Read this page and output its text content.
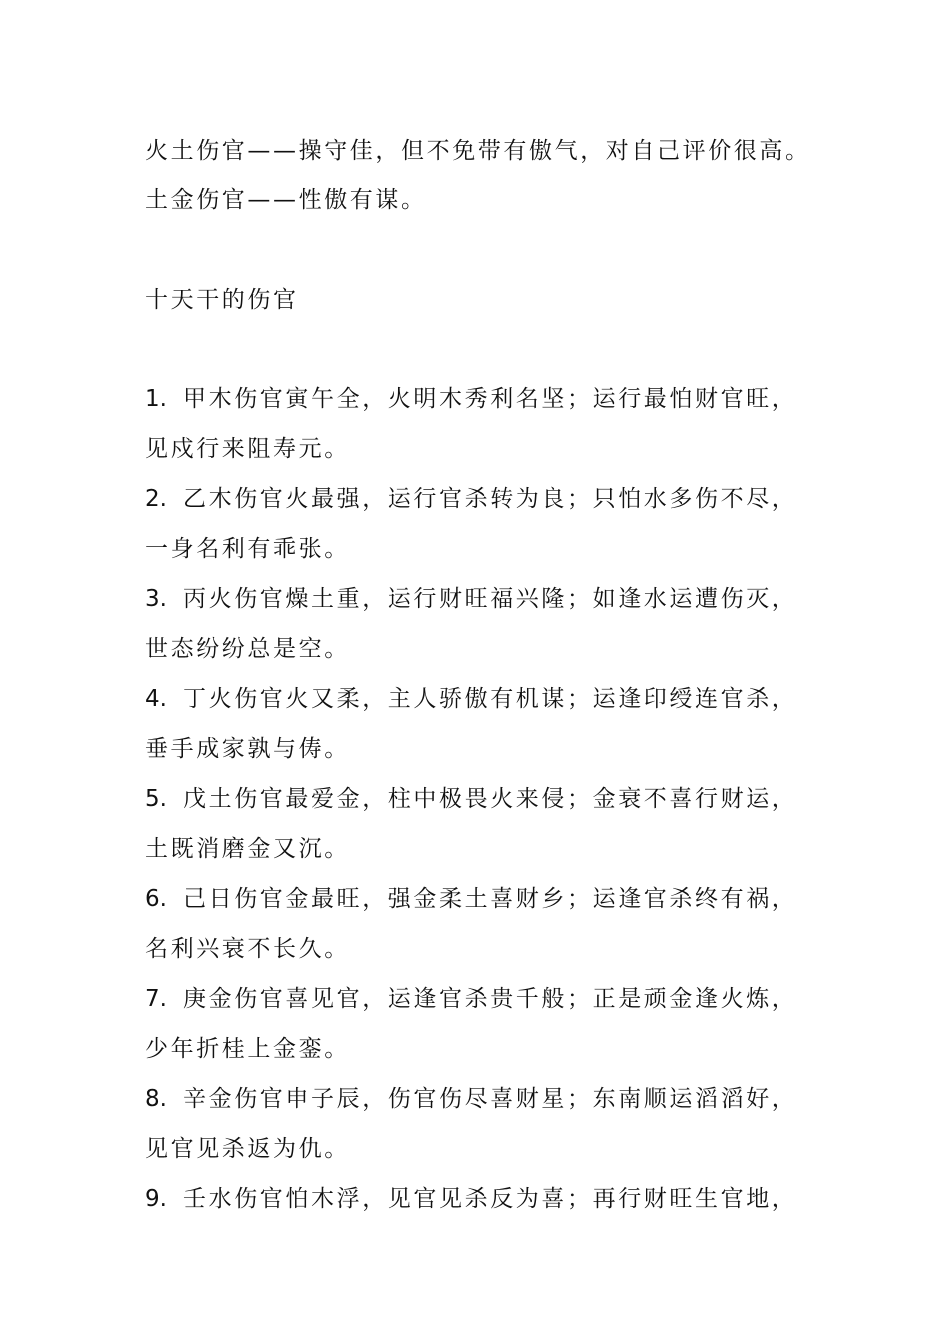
火土伤官——操守佳，但不免带有傲气，对自己评价很高。
土金伤官——性傲有谋。
十天干的伤官
1. 甲木伤官寅午全，火明木秀利名坚；运行最怕财官旺，
见戍行来阻寿元。
2. 乙木伤官火最强，运行官杀转为良；只怕水多伤不尽，
一身名利有乖张。
3. 丙火伤官燥土重，运行财旺福兴隆；如逢水运遭伤灭，
世态纷纷总是空。
4. 丁火伤官火又柔，主人骄傲有机谋；运逢印绶连官杀，
垂手成家孰与俦。
5. 戊土伤官最爱金，柱中极畏火来侵；金衰不喜行财运，
土既消磨金又沉。
6. 己日伤官金最旺，强金柔土喜财乡；运逢官杀终有祸，
名利兴衰不长久。
7. 庚金伤官喜见官，运逢官杀贵千般；正是顽金逢火炼，
少年折桂上金銮。
8. 辛金伤官申子辰，伤官伤尽喜财星；东南顺运滔滔好，
见官见杀返为仇。
9. 壬水伤官怕木浮，见官见杀反为喜；再行财旺生官地，
